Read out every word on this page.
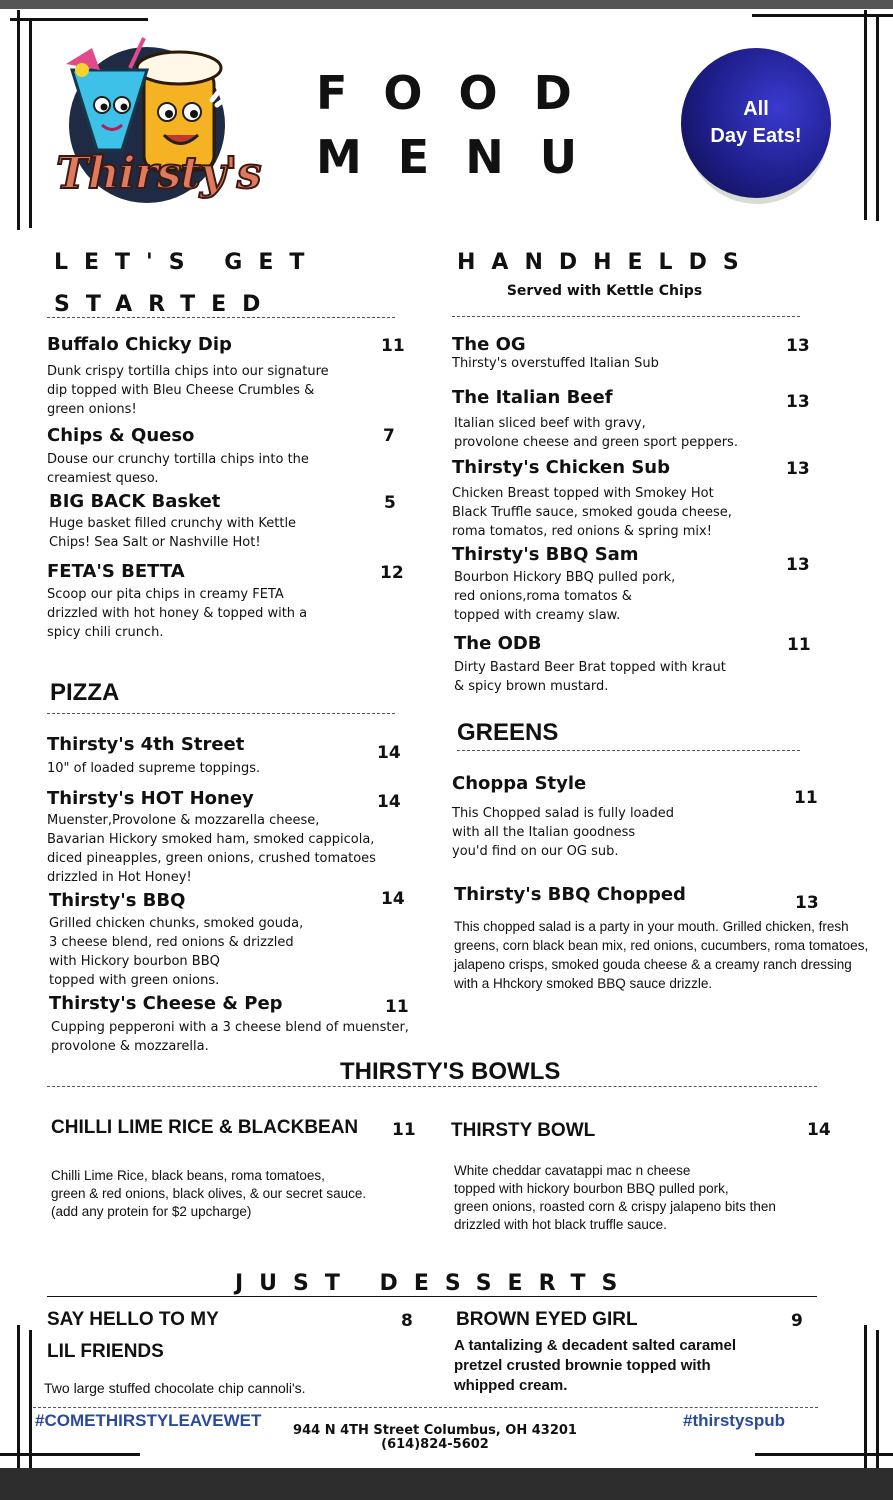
Thirsty's
FOOD
MENU
All
Day Eats!
LET'S GET
STARTED
Buffalo Chicky Dip	11
Dunk crispy tortilla chips into our signature
dip topped with Bleu Cheese Crumbles &
green onions!
Chips & Queso	7
Douse our crunchy tortilla chips into the
creamiest queso.
BIG BACK Basket	5
Huge basket filled crunchy with Kettle
Chips! Sea Salt or Nashville Hot!
FETA'S BETTA	12
Scoop our pita chips in creamy FETA
drizzled with hot honey & topped with a
spicy chili crunch.
HANDHELDS
Served with Kettle Chips
The OG	13
Thirsty's overstuffed Italian Sub
The Italian Beef	13
Italian sliced beef with gravy,
provolone cheese and green sport peppers.
Thirsty's Chicken Sub	13
Chicken Breast topped with Smokey Hot
Black Truffle sauce, smoked gouda cheese,
roma tomatos, red onions & spring mix!
Thirsty's BBQ Sam	13
Bourbon Hickory BBQ pulled pork,
red onions,roma tomatos &
topped with creamy slaw.
The ODB	11
Dirty Bastard Beer Brat topped with kraut
& spicy brown mustard.
PIZZA
Thirsty's 4th Street	14
10" of loaded supreme toppings.
Thirsty's HOT Honey	14
Muenster,Provolone & mozzarella cheese,
Bavarian Hickory smoked ham, smoked cappicola,
diced pineapples, green onions, crushed tomatoes
drizzled in Hot Honey!
Thirsty's BBQ	14
Grilled chicken chunks, smoked gouda,
3 cheese blend, red onions & drizzled
with Hickory bourbon BBQ
topped with green onions.
Thirsty's Cheese & Pep	11
Cupping pepperoni with a 3 cheese blend of muenster,
provolone & mozzarella.
GREENS
Choppa Style
11
This Chopped salad is fully loaded
with all the Italian goodness
you'd find on our OG sub.
Thirsty's BBQ Chopped	13
This chopped salad is a party in your mouth. Grilled chicken, fresh
greens, corn black bean mix, red onions, cucumbers, roma tomatoes,
jalapeno crisps, smoked gouda cheese & a creamy ranch dressing
with a Hhckory smoked BBQ sauce drizzle.
THIRSTY'S BOWLS
CHILLI LIME RICE & BLACKBEAN 11
Chilli Lime Rice, black beans, roma tomatoes,
green & red onions, black olives, & our secret sauce.
(add any protein for $2 upcharge)
THIRSTY BOWL	14
White cheddar cavatappi mac n cheese
topped with hickory bourbon BBQ pulled pork,
green onions, roasted corn & crispy jalapeno bits then
drizzled with hot black truffle sauce.
JUST DESSERTS
SAY HELLO TO MY
LIL FRIENDS
8
Two large stuffed chocolate chip cannoli's.
BROWN EYED GIRL	9
A tantalizing & decadent salted caramel
pretzel crusted brownie topped with
whipped cream.
#COMETHIRSTYLEAVEWET
944 N 4TH Street Columbus, OH 43201
(614)824-5602
#thirstyspub
